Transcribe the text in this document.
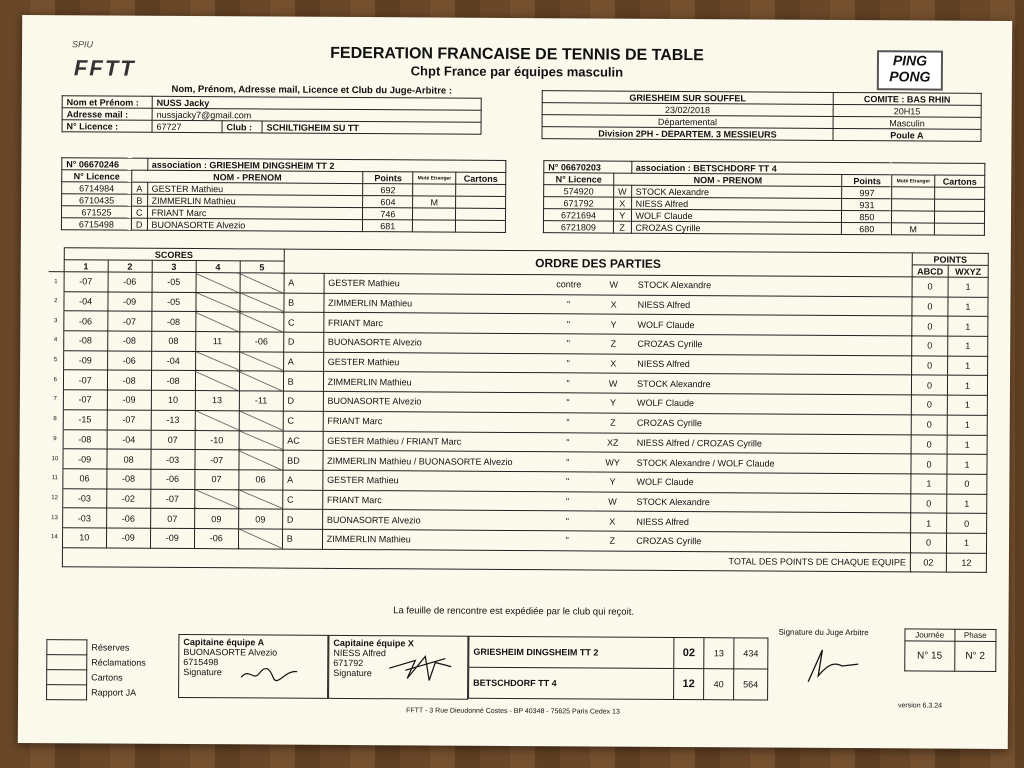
SPIU
FFTT	PING PONG
FEDERATION FRANCAISE DE TENNIS DE TABLE
Chpt France par équipes masculin
Nom, Prénom, Adresse mail, Licence et Club du Juge-Arbitre :
Nom et Prénom :	NUSS Jacky		
Adresse mail :	nussjacky7@gmail.com		
N° Licence :	67727	Club :	SCHILTIGHEIM SU TT
GRIESHEIM SUR SOUFFEL	COMITE : BAS RHIN
23/02/2018	20H15
Départemental	Masculin
Division 2PH - DEPARTEM. 3 MESSIEURS	Poule A
N° 06670246		association : GRIESHEIM DINGSHEIM TT 2			
N° Licence	NOM - PRENOM		Points	Muté Etranger	Cartons
6714984	A	GESTER Mathieu	692		
6710435	B	ZIMMERLIN Mathieu	604	M	
671525	C	FRIANT Marc	746		
6715498	D	BUONASORTE Alvezio	681		
N° 06670203		association : BETSCHDORF TT 4			
N° Licence	NOM - PRENOM		Points	Muté Etranger	Cartons
574920	W	STOCK Alexandre	997		
671792	X	NIESS Alfred	931		
6721694	Y	WOLF Claude	850		
6721809	Z	CROZAS Cyrille	680	M	
	SCORES					ORDRE DES PARTIES					POINTS	
	1	2	3	4	5						ABCD	WXYZ
1	-07	-06	-05			A	GESTER Mathieu	contre	W	STOCK Alexandre	0	1
2	-04	-09	-05			B	ZIMMERLIN Mathieu	"	X	NIESS Alfred	0	1
3	-06	-07	-08			C	FRIANT Marc	"	Y	WOLF Claude	0	1
4	-08	-08	08	11	-06	D	BUONASORTE Alvezio	"	Z	CROZAS Cyrille	0	1
5	-09	-06	-04			A	GESTER Mathieu	"	X	NIESS Alfred	0	1
6	-07	-08	-08			B	ZIMMERLIN Mathieu	"	W	STOCK Alexandre	0	1
7	-07	-09	10	13	-11	D	BUONASORTE Alvezio	"	Y	WOLF Claude	0	1
8	-15	-07	-13			C	FRIANT Marc	"	Z	CROZAS Cyrille	0	1
9	-08	-04	07	-10		AC	GESTER Mathieu / FRIANT Marc	"	XZ	NIESS Alfred / CROZAS Cyrille	0	1
10	-09	08	-03	-07		BD	ZIMMERLIN Mathieu / BUONASORTE Alvezio	"	WY	STOCK Alexandre / WOLF Claude	0	1
11	06	-08	-06	07	06	A	GESTER Mathieu	"	Y	WOLF Claude	1	0
12	-03	-02	-07			C	FRIANT Marc	"	W	STOCK Alexandre	0	1
13	-03	-06	07	09	09	D	BUONASORTE Alvezio	"	X	NIESS Alfred	1	0
14	10	-09	-09	-06		B	ZIMMERLIN Mathieu	"	Z	CROZAS Cyrille	0	1
	TOTAL DES POINTS DE CHAQUE EQUIPE										02	12
La feuille de rencontre est expédiée par le club qui reçoit.
	Réserves
	Réclamations
	Cartons
	Rapport JA
Capitaine équipe A
BUONASORTE Alvezio
6715498
Signature
Capitaine équipe X
NIESS Alfred
671792
Signature
GRIESHEIM DINGSHEIM TT 2	02	13	434
BETSCHDORF TT 4	12	40	564
Signature du Juge Arbitre	Journée	Phase
N° 15	N° 2
version 6.3.24
FFTT - 3 Rue Dieudonné Costes - BP 40348 - 75625 Paris Cedex 13
